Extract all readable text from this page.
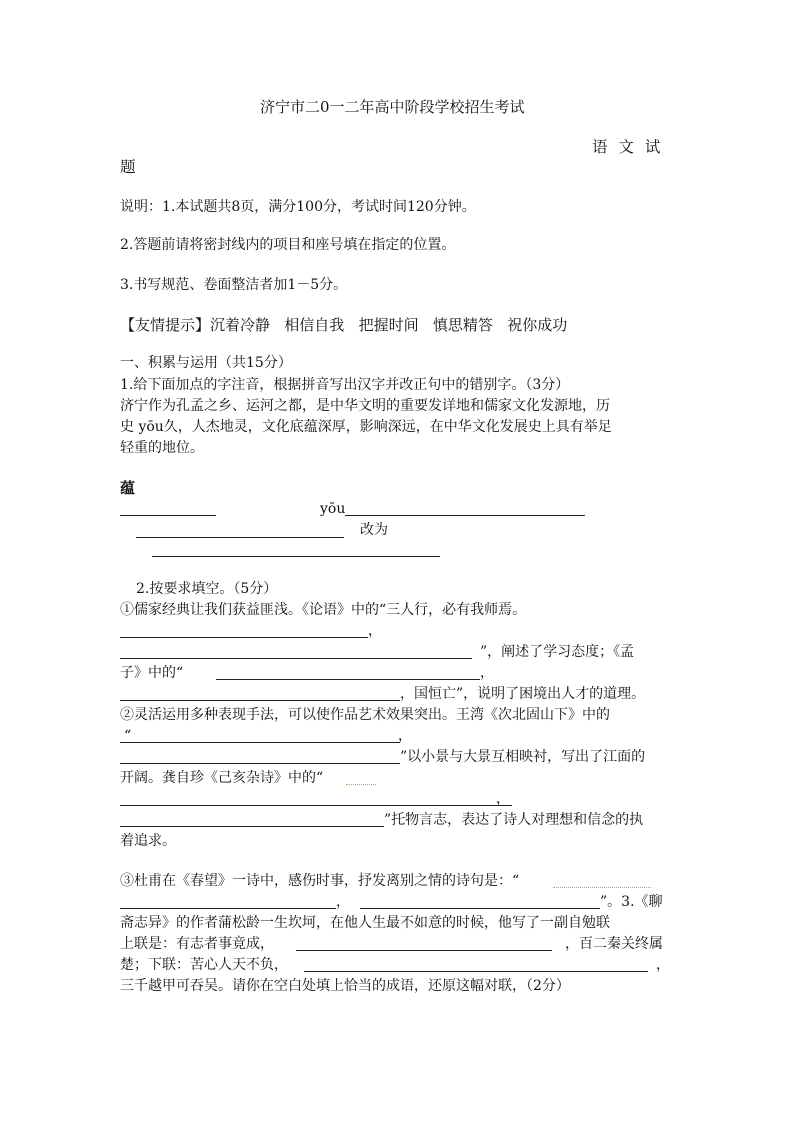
济宁市二0一二年高中阶段学校招生考试
语 文 试
题
说明：1.本试题共8页，满分100分，考试时间120分钟。
2.答题前请将密封线内的项目和座号填在指定的位置。
3.书写规范、卷面整洁者加1－5分。
【友情提示】沉着冷静   相信自我   把握时间   慎思精答   祝你成功
一、积累与运用（共15分）
1.给下面加点的字注音，根据拼音写出汉字并改正句中的错别字。（3分）
济宁作为孔孟之乡、运河之都，是中华文明的重要发详地和儒家文化发源地，历
史 yōu久，人杰地灵，文化底蕴深厚，影响深远，在中华文化发展史上具有举足
轻重的地位。
蕴
yōu
改为
2.按要求填空。（5分）
①儒家经典让我们获益匪浅。《论语》中的“三人行，必有我师焉。
，
”，阐述了学习态度；《孟
子》中的“	，
，国恒亡”，说明了困境出人才的道理。
②灵活运用多种表现手法，可以使作品艺术效果突出。王湾《次北固山下》中的
“	，
”以小景与大景互相映衬，写出了江面的
开阔。龚自珍《己亥杂诗》中的“
，
”托物言志，表达了诗人对理想和信念的执
着追求。
③杜甫在《春望》一诗中，感伤时事，抒发离别之情的诗句是：“
，	”。3.《聊
斋志异》的作者蒲松龄一生坎坷，在他人生最不如意的时候，他写了一副自勉联
上联是：有志者事竟成，	，百二秦关终属
楚；下联：苦心人天不负，	，
三千越甲可吞吴。请你在空白处填上恰当的成语，还原这幅对联，（2分）
